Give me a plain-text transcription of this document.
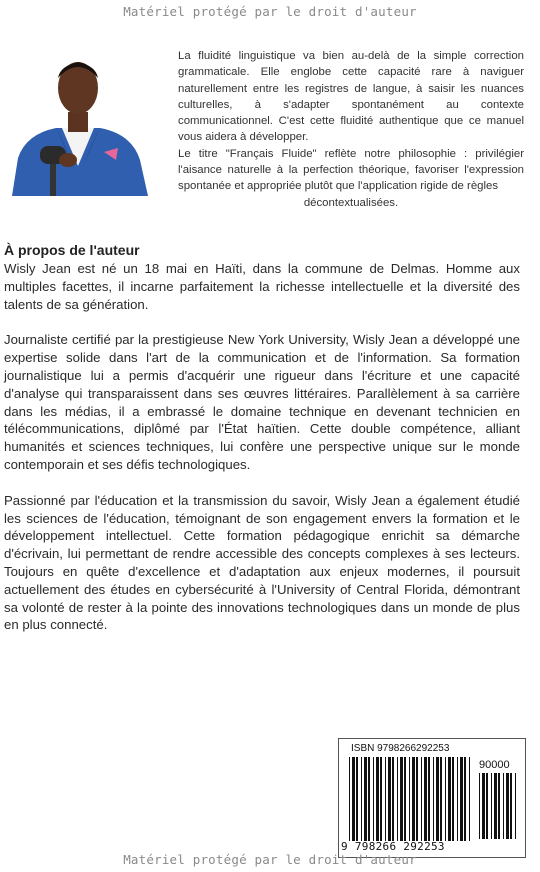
Matériel protégé par le droit d'auteur

La fluidité linguistique va bien au-delà de la simple correction grammaticale. Elle englobe cette capacité rare à naviguer naturellement entre les registres de langue, à saisir les nuances culturelles, à s'adapter spontanément au contexte communicationnel. C'est cette fluidité authentique que ce manuel vous aidera à développer.

Le titre "Français Fluide" reflète notre philosophie : privilégier l'aisance naturelle à la perfection théorique, favoriser l'expression spontanée et appropriée plutôt que l'application rigide de règles

décontextualisées.

À propos de l'auteur

Wisly Jean est né un 18 mai en Haïti, dans la commune de Delmas. Homme aux multiples facettes, il incarne parfaitement la richesse intellectuelle et la diversité des talents de sa génération.

Journaliste certifié par la prestigieuse New York University, Wisly Jean a développé une expertise solide dans l'art de la communication et de l'information. Sa formation journalistique lui a permis d'acquérir une rigueur dans l'écriture et une capacité d'analyse qui transparaissent dans ses œuvres littéraires. Parallèlement à sa carrière dans les médias, il a embrassé le domaine technique en devenant technicien en télécommunications, diplômé par l'État haïtien. Cette double compétence, alliant humanités et sciences techniques, lui confère une perspective unique sur le monde contemporain et ses défis technologiques.

Passionné par l'éducation et la transmission du savoir, Wisly Jean a également étudié les sciences de l'éducation, témoignant de son engagement envers la formation et le développement intellectuel. Cette formation pédagogique enrichit sa démarche d'écrivain, lui permettant de rendre accessible des concepts complexes à ses lecteurs. Toujours en quête d'excellence et d'adaptation aux enjeux modernes, il poursuit actuellement des études en cybersécurité à l'University of Central Florida, démontrant sa volonté de rester à la pointe des innovations technologiques dans un monde de plus en plus connecté.

ISBN 9798266292253
90000
9 798266 292253
Matériel protégé par le droit d'auteur
